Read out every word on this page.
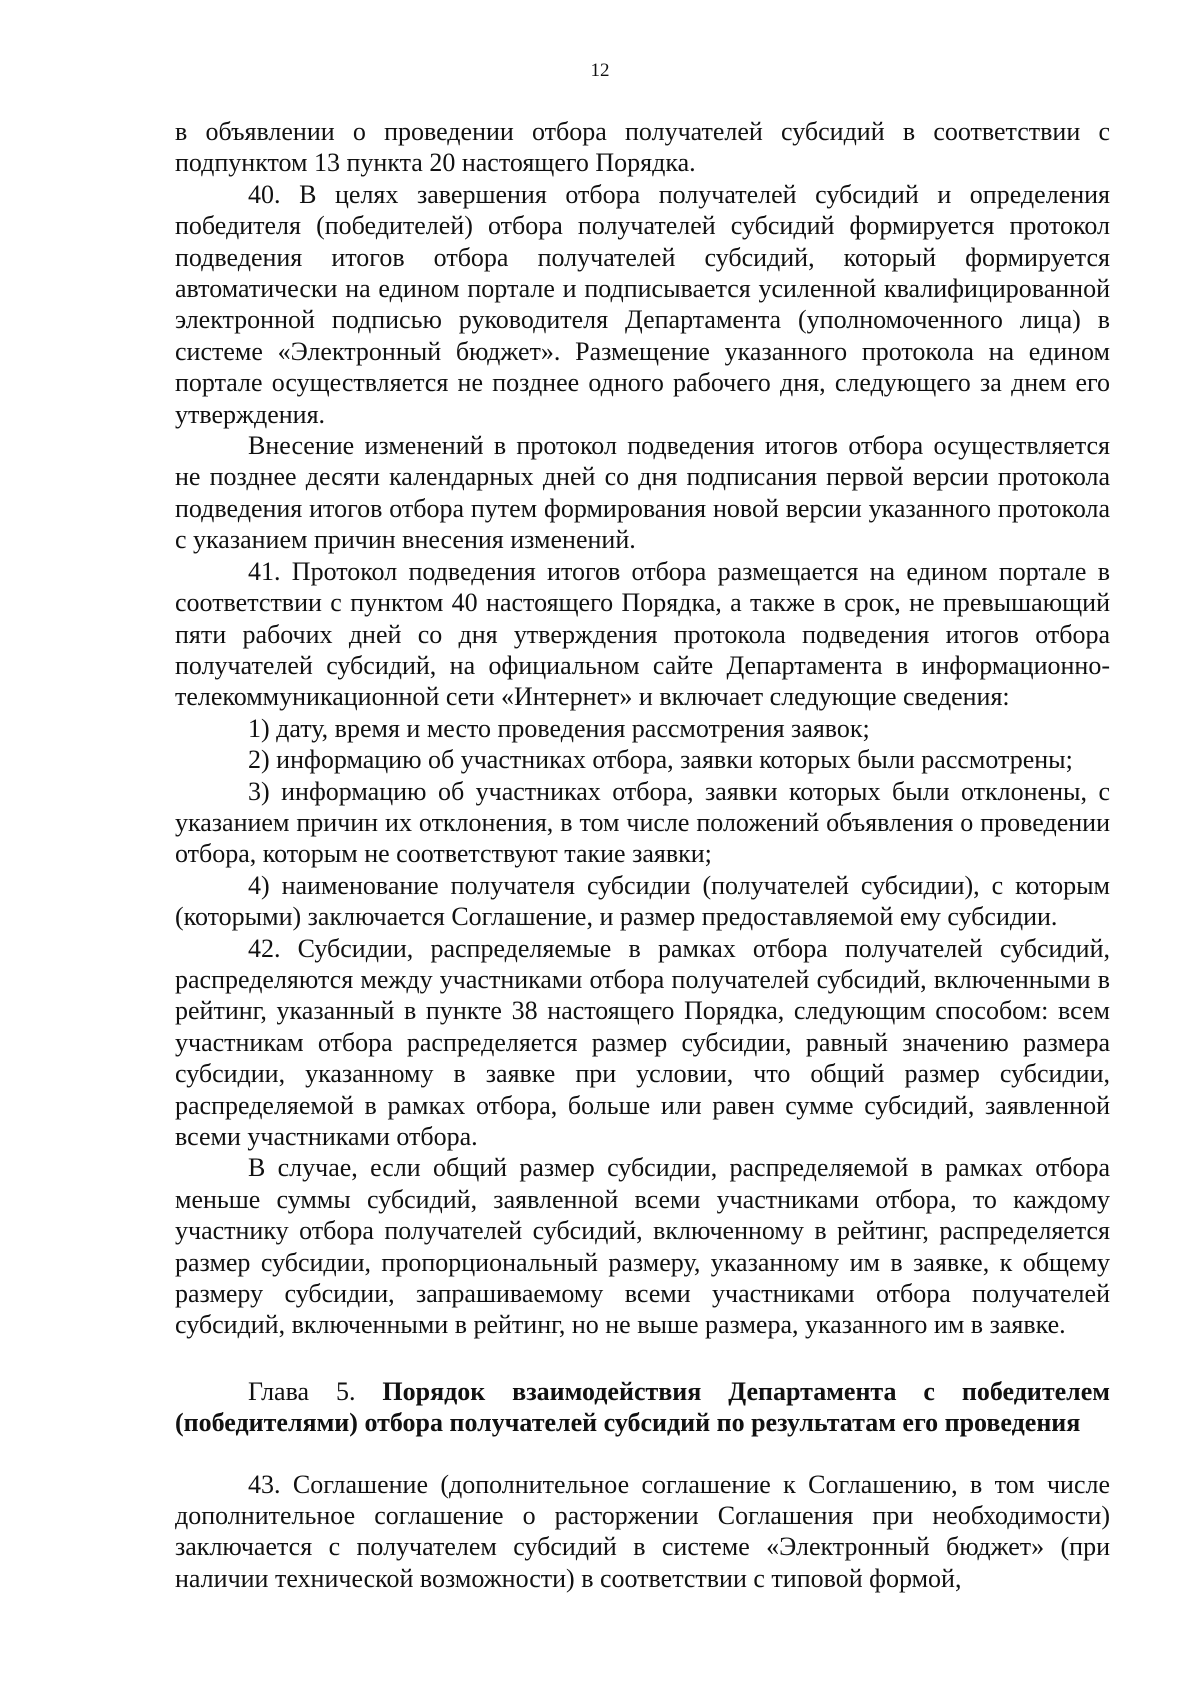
12

в объявлении о проведении отбора получателей субсидий в соответствии с подпунктом 13 пункта 20 настоящего Порядка.

40. В целях завершения отбора получателей субсидий и определения победителя (победителей) отбора получателей субсидий формируется протокол подведения итогов отбора получателей субсидий, который формируется автоматически на едином портале и подписывается усиленной квалифицированной электронной подписью руководителя Департамента (уполномоченного лица) в системе «Электронный бюджет». Размещение указанного протокола на едином портале осуществляется не позднее одного рабочего дня, следующего за днем его утверждения.

Внесение изменений в протокол подведения итогов отбора осуществляется не позднее десяти календарных дней со дня подписания первой версии протокола подведения итогов отбора путем формирования новой версии указанного протокола с указанием причин внесения изменений.

41. Протокол подведения итогов отбора размещается на едином портале в соответствии с пунктом 40 настоящего Порядка, а также в срок, не превышающий пяти рабочих дней со дня утверждения протокола подведения итогов отбора получателей субсидий, на официальном сайте Департамента в информационно-телекоммуникационной сети «Интернет» и включает следующие сведения:

1) дату, время и место проведения рассмотрения заявок;

2) информацию об участниках отбора, заявки которых были рассмотрены;

3) информацию об участниках отбора, заявки которых были отклонены, с указанием причин их отклонения, в том числе положений объявления о проведении отбора, которым не соответствуют такие заявки;

4) наименование получателя субсидии (получателей субсидии), с которым (которыми) заключается Соглашение, и размер предоставляемой ему субсидии.

42. Субсидии, распределяемые в рамках отбора получателей субсидий, распределяются между участниками отбора получателей субсидий, включенными в рейтинг, указанный в пункте 38 настоящего Порядка, следующим способом: всем участникам отбора распределяется размер субсидии, равный значению размера субсидии, указанному в заявке при условии, что общий размер субсидии, распределяемой в рамках отбора, больше или равен сумме субсидий, заявленной всеми участниками отбора.

В случае, если общий размер субсидии, распределяемой в рамках отбора меньше суммы субсидий, заявленной всеми участниками отбора, то каждому участнику отбора получателей субсидий, включенному в рейтинг, распределяется размер субсидии, пропорциональный размеру, указанному им в заявке, к общему размеру субсидии, запрашиваемому всеми участниками отбора получателей субсидий, включенными в рейтинг, но не выше размера, указанного им в заявке.

Глава 5. Порядок взаимодействия Департамента с победителем (победителями) отбора получателей субсидий по результатам его проведения

43. Соглашение (дополнительное соглашение к Соглашению, в том числе дополнительное соглашение о расторжении Соглашения при необходимости) заключается с получателем субсидий в системе «Электронный бюджет» (при наличии технической возможности) в соответствии с типовой формой,
